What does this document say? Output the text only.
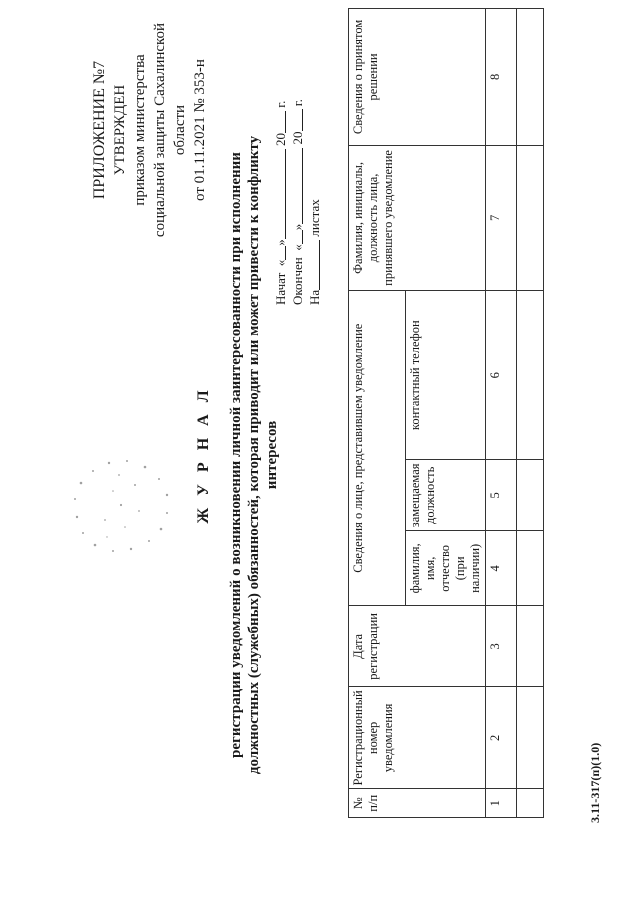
ПРИЛОЖЕНИЕ №7 УТВЕРЖДЕН приказом министерства социальной защиты Сахалинской области от 01.11.2021 № 353-н
Ж У Р Н А Л регистрации уведомлений о возникновении личной заинтересованности при исполнении должностных (служебных) обязанностей, которая приводит или может привести к конфликту интересов
Начат

«
»

20

г.
Окончен

«
»

20

г.
На

листах
№ п/п	Регистрационный номер уведомления	Дата регистрации	Сведения о лице, представившем уведомление			Фамилия, инициалы, должность лица, принявшего уведомление	Сведения о принятом решении
			фамилия, имя, отчество (при наличии)	замещаемая должность	контактный телефон		
1	2	3	4	5	6	7	8

3.11-317(п)(1.0)
